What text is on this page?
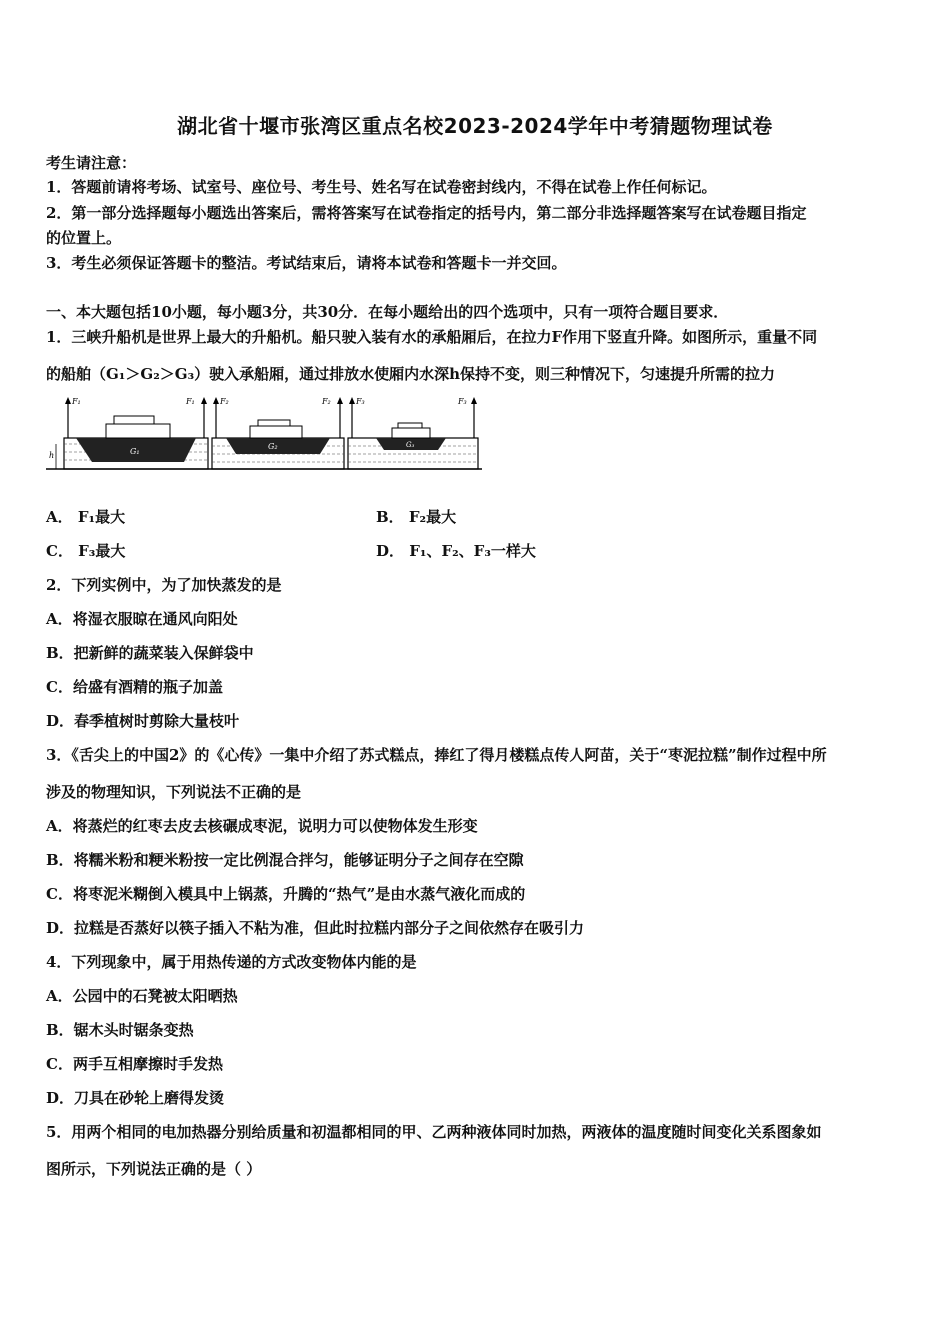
湖北省十堰市张湾区重点名校2023-2024学年中考猜题物理试卷
考生请注意：
1．答题前请将考场、试室号、座位号、考生号、姓名写在试卷密封线内，不得在试卷上作任何标记。
2．第一部分选择题每小题选出答案后，需将答案写在试卷指定的括号内，第二部分非选择题答案写在试卷题目指定
的位置上。
3．考生必须保证答题卡的整洁。考试结束后，请将本试卷和答题卡一并交回。
一、本大题包括10小题，每小题3分，共30分．在每小题给出的四个选项中，只有一项符合题目要求．
1．三峡升船机是世界上最大的升船机。船只驶入装有水的承船厢后，在拉力F作用下竖直升降。如图所示，重量不同
的船舶（G₁＞G₂＞G₃）驶入承船厢，通过排放水使厢内水深h保持不变，则三种情况下，匀速提升所需的拉力
F₁	F₁
G₁
h
F₂	F₂
G₂
F₃	F₃
G₃
A． F₁最大	B． F₂最大
C． F₃最大	D． F₁、F₂、F₃一样大
2．下列实例中，为了加快蒸发的是
A．将湿衣服晾在通风向阳处
B．把新鲜的蔬菜装入保鲜袋中
C．给盛有酒精的瓶子加盖
D．春季植树时剪除大量枝叶
3．《舌尖上的中国2》的《心传》一集中介绍了苏式糕点，捧红了得月楼糕点传人阿苗，关于“枣泥拉糕”制作过程中所
涉及的物理知识，下列说法不正确的是
A．将蒸烂的红枣去皮去核碾成枣泥，说明力可以使物体发生形变
B．将糯米粉和粳米粉按一定比例混合拌匀，能够证明分子之间存在空隙
C．将枣泥米糊倒入模具中上锅蒸，升腾的“热气”是由水蒸气液化而成的
D．拉糕是否蒸好以筷子插入不粘为准，但此时拉糕内部分子之间依然存在吸引力
4．下列现象中，属于用热传递的方式改变物体内能的是
A．公园中的石凳被太阳晒热
B．锯木头时锯条变热
C．两手互相摩擦时手发热
D．刀具在砂轮上磨得发烫
5．用两个相同的电加热器分别给质量和初温都相同的甲、乙两种液体同时加热，两液体的温度随时间变化关系图象如
图所示，下列说法正确的是（ ）
